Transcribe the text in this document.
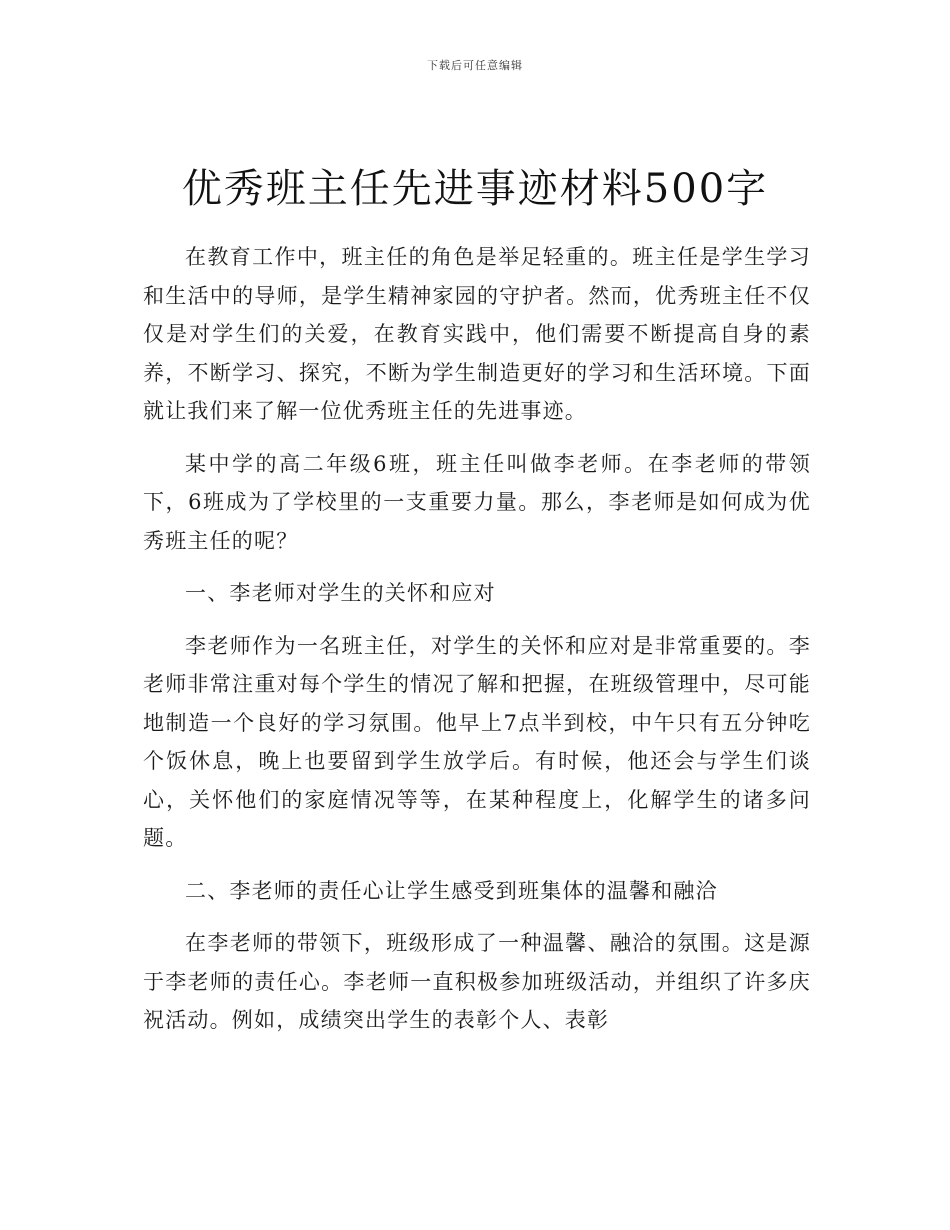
下载后可任意编辑
优秀班主任先进事迹材料500字

在教育工作中，班主任的角色是举足轻重的。班主任是学生学习和生活中的导师，是学生精神家园的守护者。然而，优秀班主任不仅仅是对学生们的关爱，在教育实践中，他们需要不断提高自身的素养，不断学习、探究，不断为学生制造更好的学习和生活环境。下面就让我们来了解一位优秀班主任的先进事迹。

某中学的高二年级6班，班主任叫做李老师。在李老师的带领下，6班成为了学校里的一支重要力量。那么，李老师是如何成为优秀班主任的呢？

一、李老师对学生的关怀和应对

李老师作为一名班主任，对学生的关怀和应对是非常重要的。李老师非常注重对每个学生的情况了解和把握，在班级管理中，尽可能地制造一个良好的学习氛围。他早上7点半到校，中午只有五分钟吃个饭休息，晚上也要留到学生放学后。有时候，他还会与学生们谈心，关怀他们的家庭情况等等，在某种程度上，化解学生的诸多问题。

二、李老师的责任心让学生感受到班集体的温馨和融洽

在李老师的带领下，班级形成了一种温馨、融洽的氛围。这是源于李老师的责任心。李老师一直积极参加班级活动，并组织了许多庆祝活动。例如，成绩突出学生的表彰个人、表彰
